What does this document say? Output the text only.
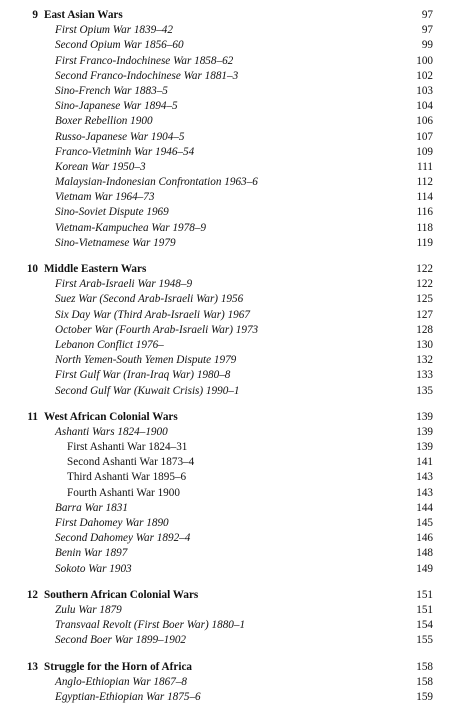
9 East Asian Wars	97
First Opium War 1839–42	97
Second Opium War 1856–60	99
First Franco-Indochinese War 1858–62	100
Second Franco-Indochinese War 1881–3	102
Sino-French War 1883–5	103
Sino-Japanese War 1894–5	104
Boxer Rebellion 1900	106
Russo-Japanese War 1904–5	107
Franco-Vietminh War 1946–54	109
Korean War 1950–3	111
Malaysian-Indonesian Confrontation 1963–6	112
Vietnam War 1964–73	114
Sino-Soviet Dispute 1969	116
Vietnam-Kampuchea War 1978–9	118
Sino-Vietnamese War 1979	119
10 Middle Eastern Wars	122
First Arab-Israeli War 1948–9	122
Suez War (Second Arab-Israeli War) 1956	125
Six Day War (Third Arab-Israeli War) 1967	127
October War (Fourth Arab-Israeli War) 1973	128
Lebanon Conflict 1976–	130
North Yemen-South Yemen Dispute 1979	132
First Gulf War (Iran-Iraq War) 1980–8	133
Second Gulf War (Kuwait Crisis) 1990–1	135
11 West African Colonial Wars	139
Ashanti Wars 1824–1900	139
First Ashanti War 1824–31	139
Second Ashanti War 1873–4	141
Third Ashanti War 1895–6	143
Fourth Ashanti War 1900	143
Barra War 1831	144
First Dahomey War 1890	145
Second Dahomey War 1892–4	146
Benin War 1897	148
Sokoto War 1903	149
12 Southern African Colonial Wars	151
Zulu War 1879	151
Transvaal Revolt (First Boer War) 1880–1	154
Second Boer War 1899–1902	155
13 Struggle for the Horn of Africa	158
Anglo-Ethiopian War 1867–8	158
Egyptian-Ethiopian War 1875–6	159
